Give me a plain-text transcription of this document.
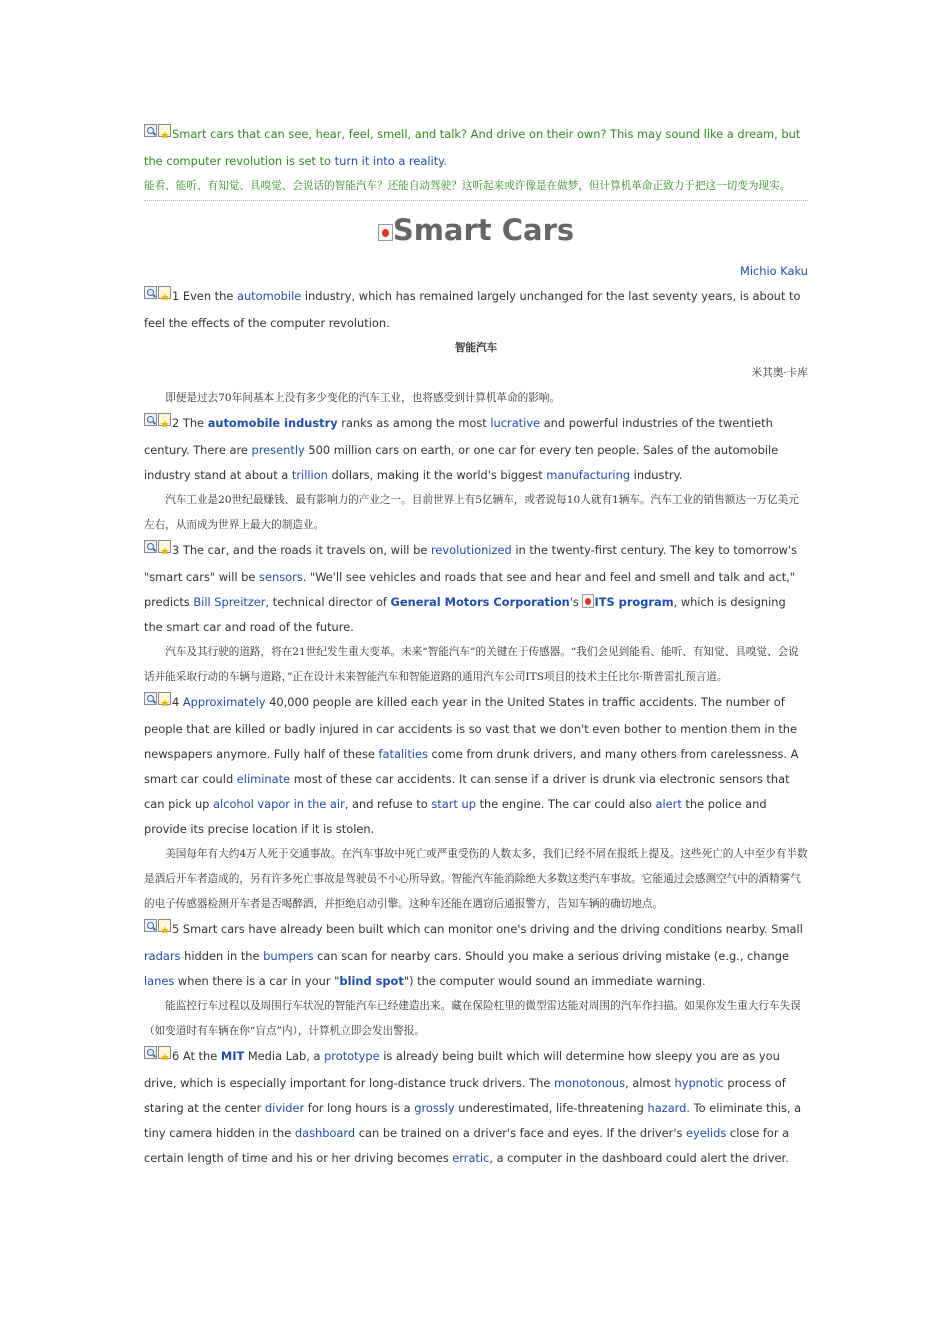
★Smart cars that can see, hear, feel, smell, and talk? And drive on their own? This may sound like a dream, but the computer revolution is set to turn it into a reality.

能看、能听、有知觉、具嗅觉、会说话的智能汽车？还能自动驾驶？这听起来或许像是在做梦，但计算机革命正致力于把这一切变为现实。

Smart Cars

Michio Kaku

★1 Even the automobile industry, which has remained largely unchanged for the last seventy years, is about to feel the effects of the computer revolution.

智能汽车

米其奥·卡库

即便是过去70年间基本上没有多少变化的汽车工业，也将感受到计算机革命的影响。

★2 The automobile industry ranks as among the most lucrative and powerful industries of the twentieth century. There are presently 500 million cars on earth, or one car for every ten people. Sales of the automobile industry stand at about a trillion dollars, making it the world's biggest manufacturing industry.

汽车工业是20世纪最赚钱、最有影响力的产业之一。目前世界上有5亿辆车，或者说每10人就有1辆车。汽车工业的销售额达一万亿美元左右，从而成为世界上最大的制造业。

★3 The car, and the roads it travels on, will be revolutionized in the twenty-first century. The key to tomorrow's "smart cars" will be sensors. "We'll see vehicles and roads that see and hear and feel and smell and talk and act," predicts Bill Spreitzer, technical director of General Motors Corporation's ITS program, which is designing the smart car and road of the future.

汽车及其行驶的道路，将在21世纪发生重大变革。未来“智能汽车”的关键在于传感器。“我们会见到能看、能听、有知觉、具嗅觉、会说话并能采取行动的车辆与道路，”正在设计未来智能汽车和智能道路的通用汽车公司ITS项目的技术主任比尔·斯普雷扎预言道。

★4 Approximately 40,000 people are killed each year in the United States in traffic accidents. The number of people that are killed or badly injured in car accidents is so vast that we don't even bother to mention them in the newspapers anymore. Fully half of these fatalities come from drunk drivers, and many others from carelessness. A smart car could eliminate most of these car accidents. It can sense if a driver is drunk via electronic sensors that can pick up alcohol vapor in the air, and refuse to start up the engine. The car could also alert the police and provide its precise location if it is stolen.

美国每年有大约4万人死于交通事故。在汽车事故中死亡或严重受伤的人数太多，我们已经不屑在报纸上提及。这些死亡的人中至少有半数是酒后开车者造成的，另有许多死亡事故是驾驶员不小心所导致。智能汽车能消除绝大多数这类汽车事故。它能通过会感测空气中的酒精雾气的电子传感器检测开车者是否喝醉酒，并拒绝启动引擎。这种车还能在遇窃后通报警方，告知车辆的确切地点。

★5 Smart cars have already been built which can monitor one's driving and the driving conditions nearby. Small radars hidden in the bumpers can scan for nearby cars. Should you make a serious driving mistake (e.g., change lanes when there is a car in your "blind spot") the computer would sound an immediate warning.

能监控行车过程以及周围行车状况的智能汽车已经建造出来。藏在保险杠里的微型雷达能对周围的汽车作扫描。如果你发生重大行车失误（如变道时有车辆在你“盲点”内），计算机立即会发出警报。

★6 At the MIT Media Lab, a prototype is already being built which will determine how sleepy you are as you drive, which is especially important for long-distance truck drivers. The monotonous, almost hypnotic process of staring at the center divider for long hours is a grossly underestimated, life-threatening hazard. To eliminate this, a tiny camera hidden in the dashboard can be trained on a driver's face and eyes. If the driver's eyelids close for a certain length of time and his or her driving becomes erratic, a computer in the dashboard could alert the driver.
